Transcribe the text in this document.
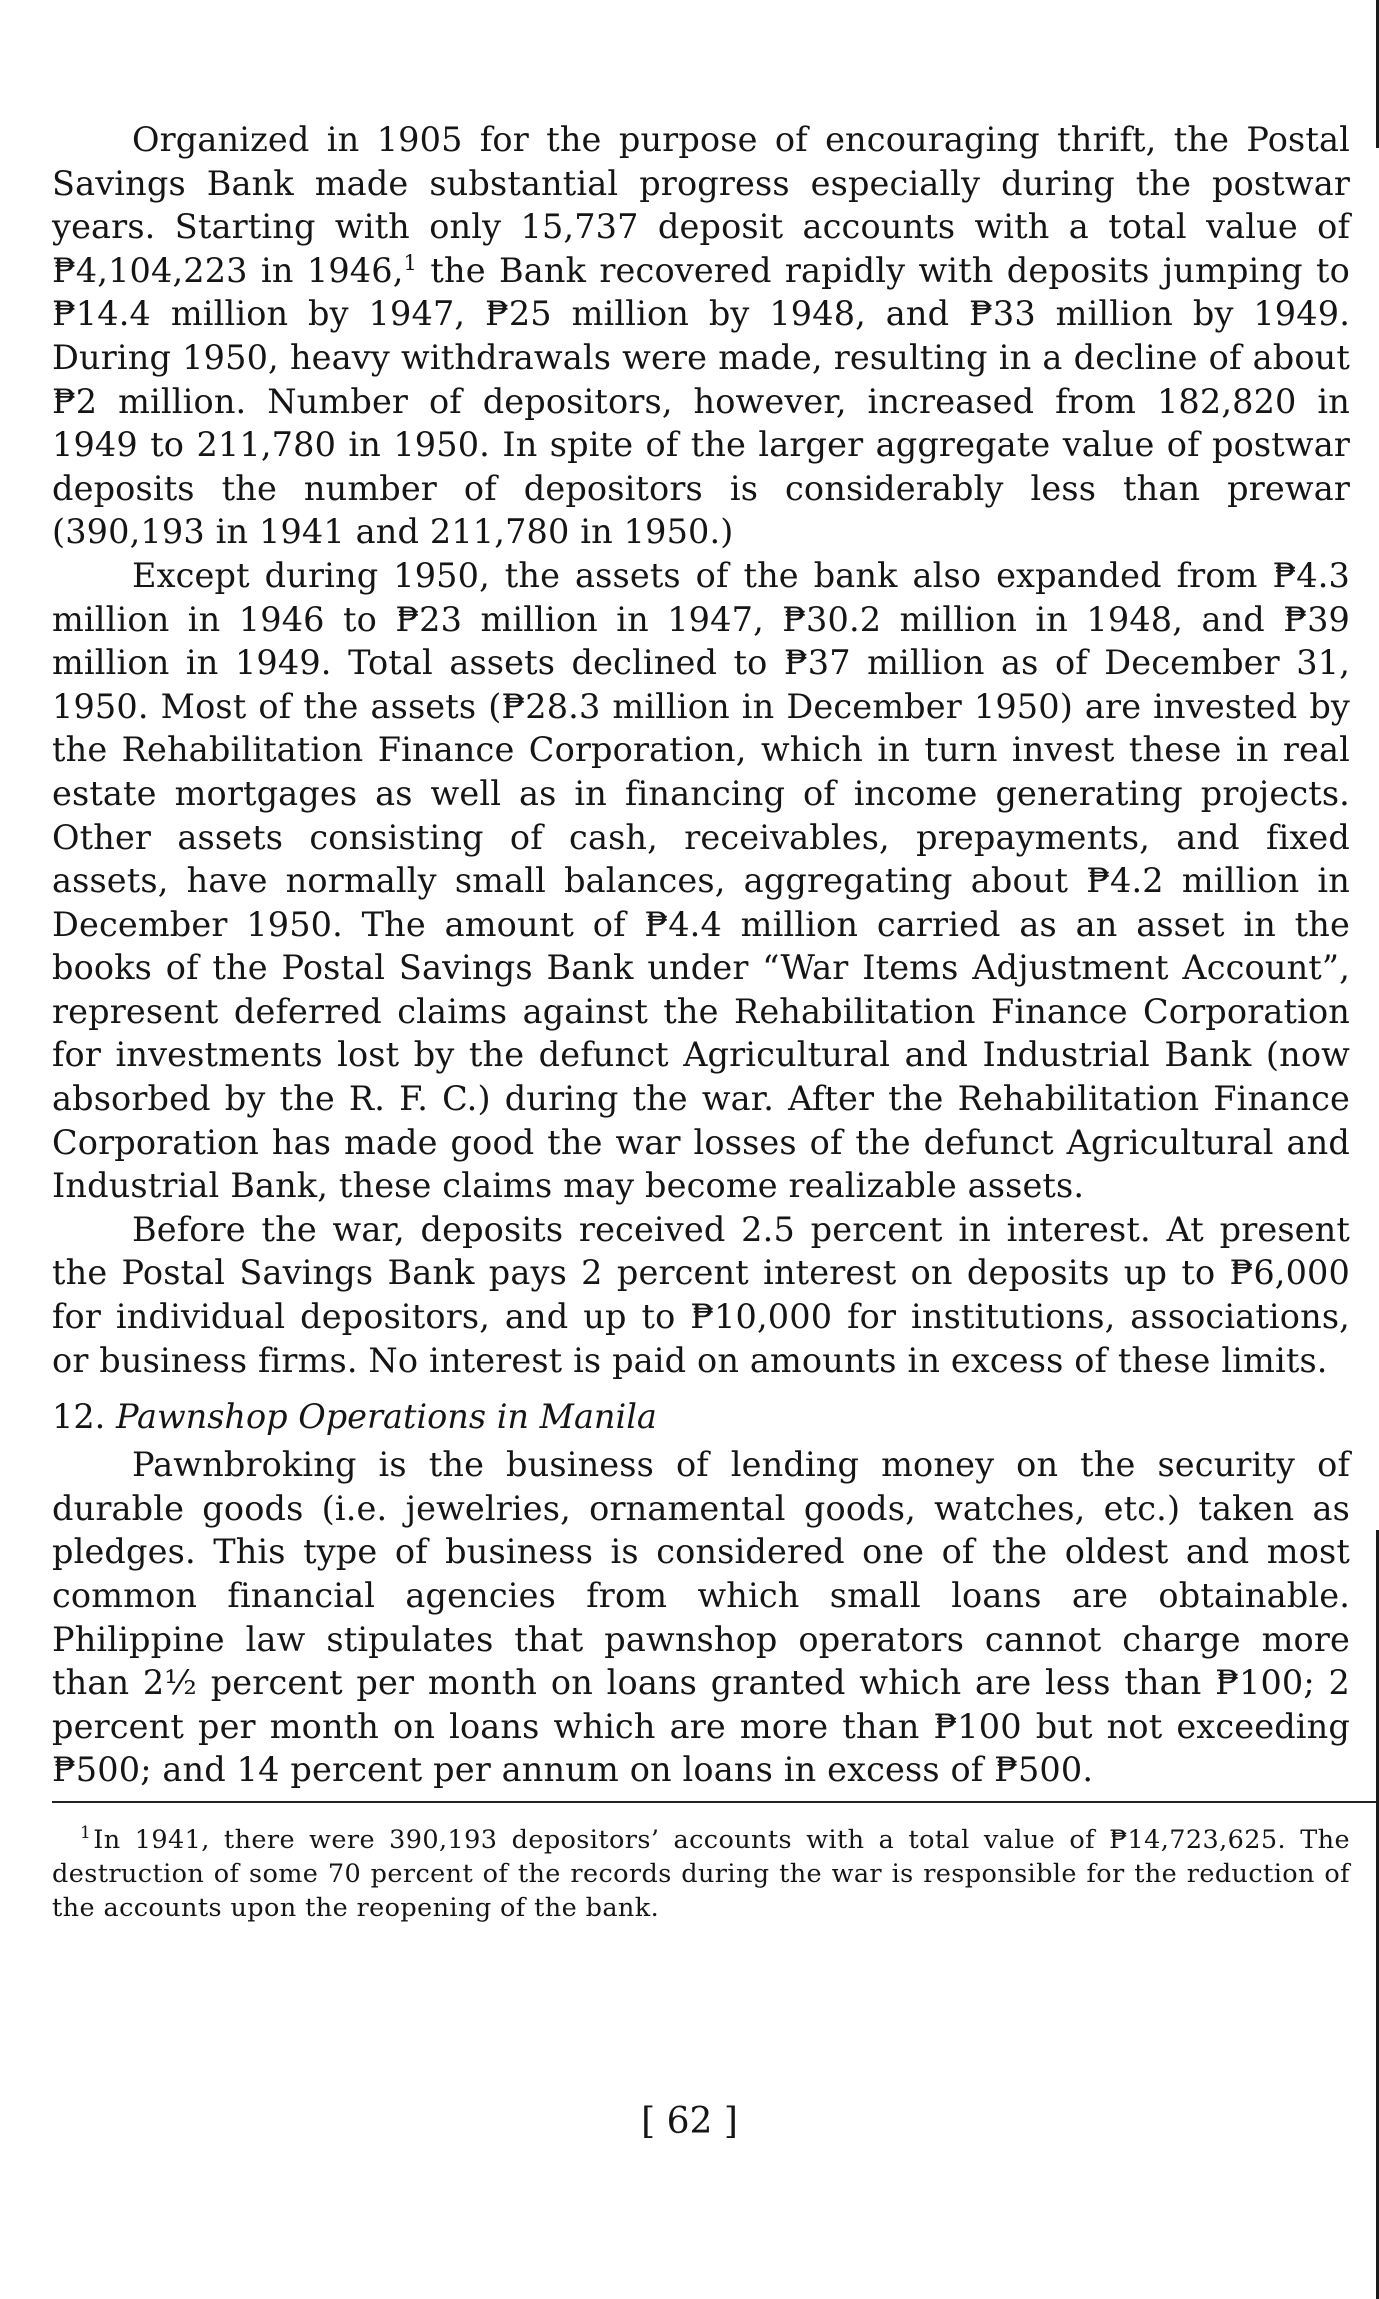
Organized in 1905 for the purpose of encouraging thrift, the Postal Savings Bank made substantial progress especially during the postwar years. Starting with only 15,737 deposit accounts with a total value of ₱4,104,223 in 1946,$^1$ the Bank recovered rapidly with deposits jumping to ₱14.4 million by 1947, ₱25 million by 1948, and ₱33 million by 1949. During 1950, heavy withdrawals were made, resulting in a decline of about ₱2 million. Number of depositors, however, increased from 182,820 in 1949 to 211,780 in 1950. In spite of the larger aggregate value of postwar deposits the number of depositors is considerably less than prewar (390,193 in 1941 and 211,780 in 1950.)

Except during 1950, the assets of the bank also expanded from ₱4.3 million in 1946 to ₱23 million in 1947, ₱30.2 million in 1948, and ₱39 million in 1949. Total assets declined to ₱37 million as of December 31, 1950. Most of the assets (₱28.3 million in December 1950) are invested by the Rehabilitation Finance Corporation, which in turn invest these in real estate mortgages as well as in financing of income generating projects. Other assets consisting of cash, receivables, prepayments, and fixed assets, have normally small balances, aggregating about ₱4.2 million in December 1950. The amount of ₱4.4 million carried as an asset in the books of the Postal Savings Bank under “War Items Adjustment Account”, represent deferred claims against the Rehabilitation Finance Corporation for investments lost by the defunct Agricultural and Industrial Bank (now absorbed by the R. F. C.) during the war. After the Rehabilitation Finance Corporation has made good the war losses of the defunct Agricultural and Industrial Bank, these claims may become realizable assets.

Before the war, deposits received 2.5 percent in interest. At present the Postal Savings Bank pays 2 percent interest on deposits up to ₱6,000 for individual depositors, and up to ₱10,000 for institutions, associations, or business firms. No interest is paid on amounts in excess of these limits.

12. Pawnshop Operations in Manila

Pawnbroking is the business of lending money on the security of durable goods (i.e. jewelries, ornamental goods, watches, etc.) taken as pledges. This type of business is considered one of the oldest and most common financial agencies from which small loans are obtainable. Philippine law stipulates that pawnshop operators cannot charge more than 2½ percent per month on loans granted which are less than ₱100; 2 percent per month on loans which are more than ₱100 but not exceeding ₱500; and 14 percent per annum on loans in excess of ₱500.

$^1$In 1941, there were 390,193 depositors’ accounts with a total value of ₱14,723,625. The destruction of some 70 percent of the records during the war is responsible for the reduction of the accounts upon the reopening of the bank.

[ 62 ]
